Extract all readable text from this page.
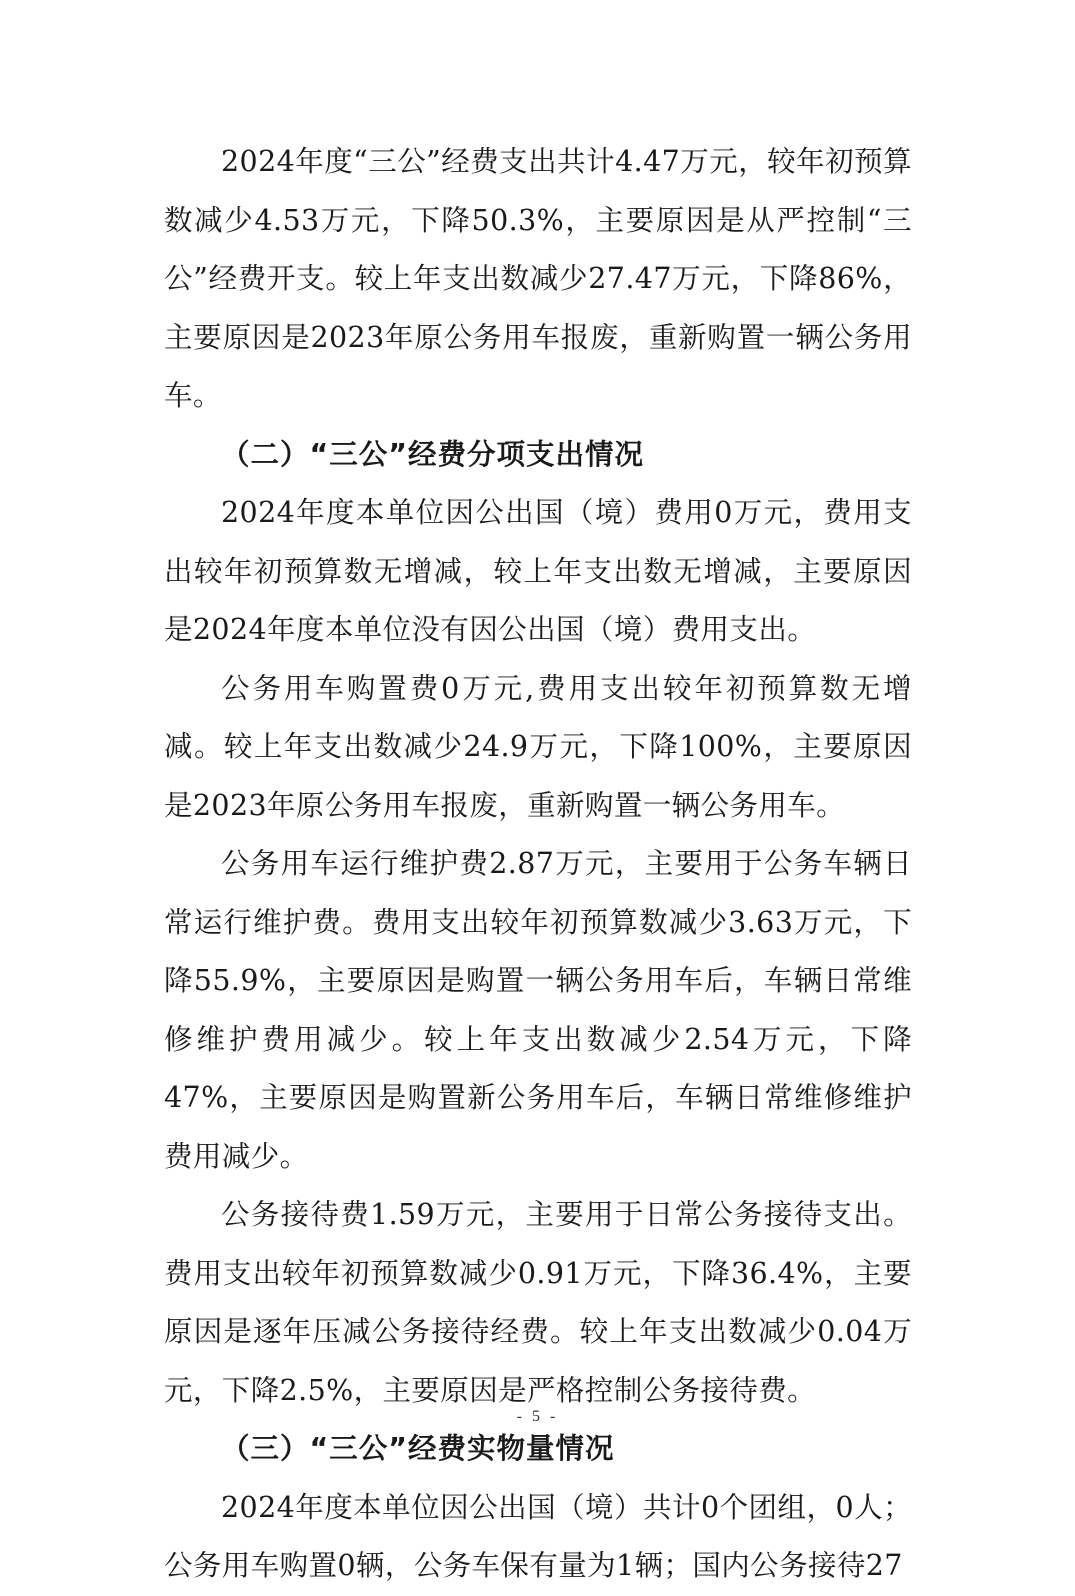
2024年度“三公”经费支出共计4.47万元，较年初预算数减少4.53万元，下降50.3%，主要原因是从严控制“三公”经费开支。较上年支出数减少27.47万元，下降86%，主要原因是2023年原公务用车报废，重新购置一辆公务用车。

（二）“三公”经费分项支出情况

2024年度本单位因公出国（境）费用0万元，费用支出较年初预算数无增减，较上年支出数无增减，主要原因是2024年度本单位没有因公出国（境）费用支出。

公务用车购置费0万元,费用支出较年初预算数无增减。较上年支出数减少24.9万元，下降100%，主要原因是2023年原公务用车报废，重新购置一辆公务用车。

公务用车运行维护费2.87万元，主要用于公务车辆日常运行维护费。费用支出较年初预算数减少3.63万元，下降55.9%，主要原因是购置一辆公务用车后，车辆日常维修维护费用减少。较上年支出数减少2.54万元，下降47%，主要原因是购置新公务用车后，车辆日常维修维护费用减少。

公务接待费1.59万元，主要用于日常公务接待支出。费用支出较年初预算数减少0.91万元，下降36.4%，主要原因是逐年压减公务接待经费。较上年支出数减少0.04万元，下降2.5%，主要原因是严格控制公务接待费。

（三）“三公”经费实物量情况

2024年度本单位因公出国（境）共计0个团组，0人；公务用车购置0辆，公务车保有量为1辆；国内公务接待27

- 5 -
